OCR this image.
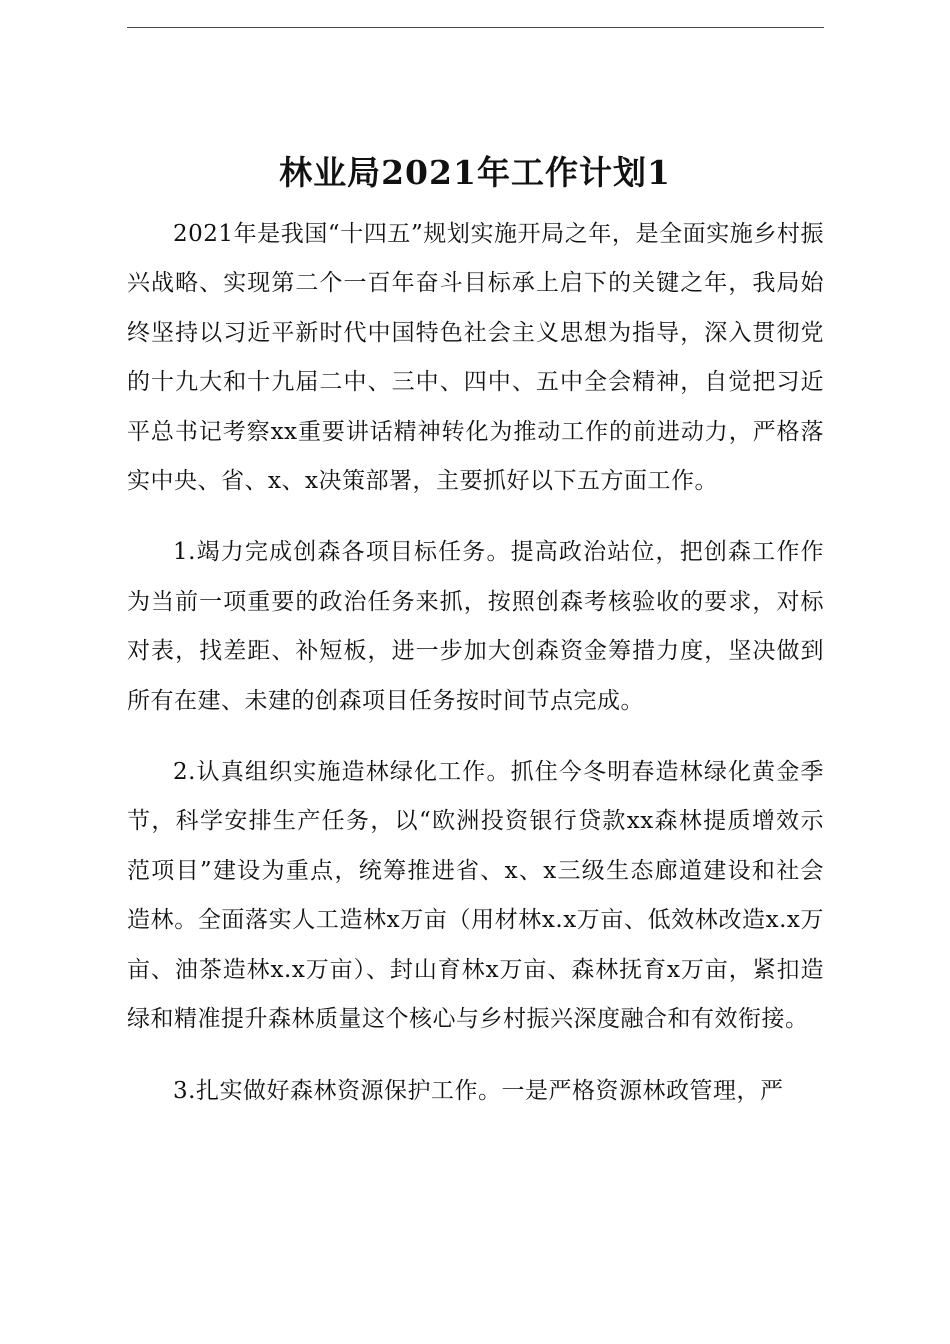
林业局2021年工作计划1

2021年是我国“十四五”规划实施开局之年，是全面实施乡村振兴战略、实现第二个一百年奋斗目标承上启下的关键之年，我局始终坚持以习近平新时代中国特色社会主义思想为指导，深入贯彻党的十九大和十九届二中、三中、四中、五中全会精神，自觉把习近平总书记考察xx重要讲话精神转化为推动工作的前进动力，严格落实中央、省、x、x决策部署，主要抓好以下五方面工作。

1.竭力完成创森各项目标任务。提高政治站位，把创森工作作为当前一项重要的政治任务来抓，按照创森考核验收的要求，对标对表，找差距、补短板，进一步加大创森资金筹措力度，坚决做到所有在建、未建的创森项目任务按时间节点完成。

2.认真组织实施造林绿化工作。抓住今冬明春造林绿化黄金季节，科学安排生产任务，以“欧洲投资银行贷款xx森林提质增效示范项目”建设为重点，统筹推进省、x、x三级生态廊道建设和社会造林。全面落实人工造林x万亩（用材林x.x万亩、低效林改造x.x万亩、油茶造林x.x万亩）、封山育林x万亩、森林抚育x万亩，紧扣造绿和精准提升森林质量这个核心与乡村振兴深度融合和有效衔接。

3.扎实做好森林资源保护工作。一是严格资源林政管理，严
